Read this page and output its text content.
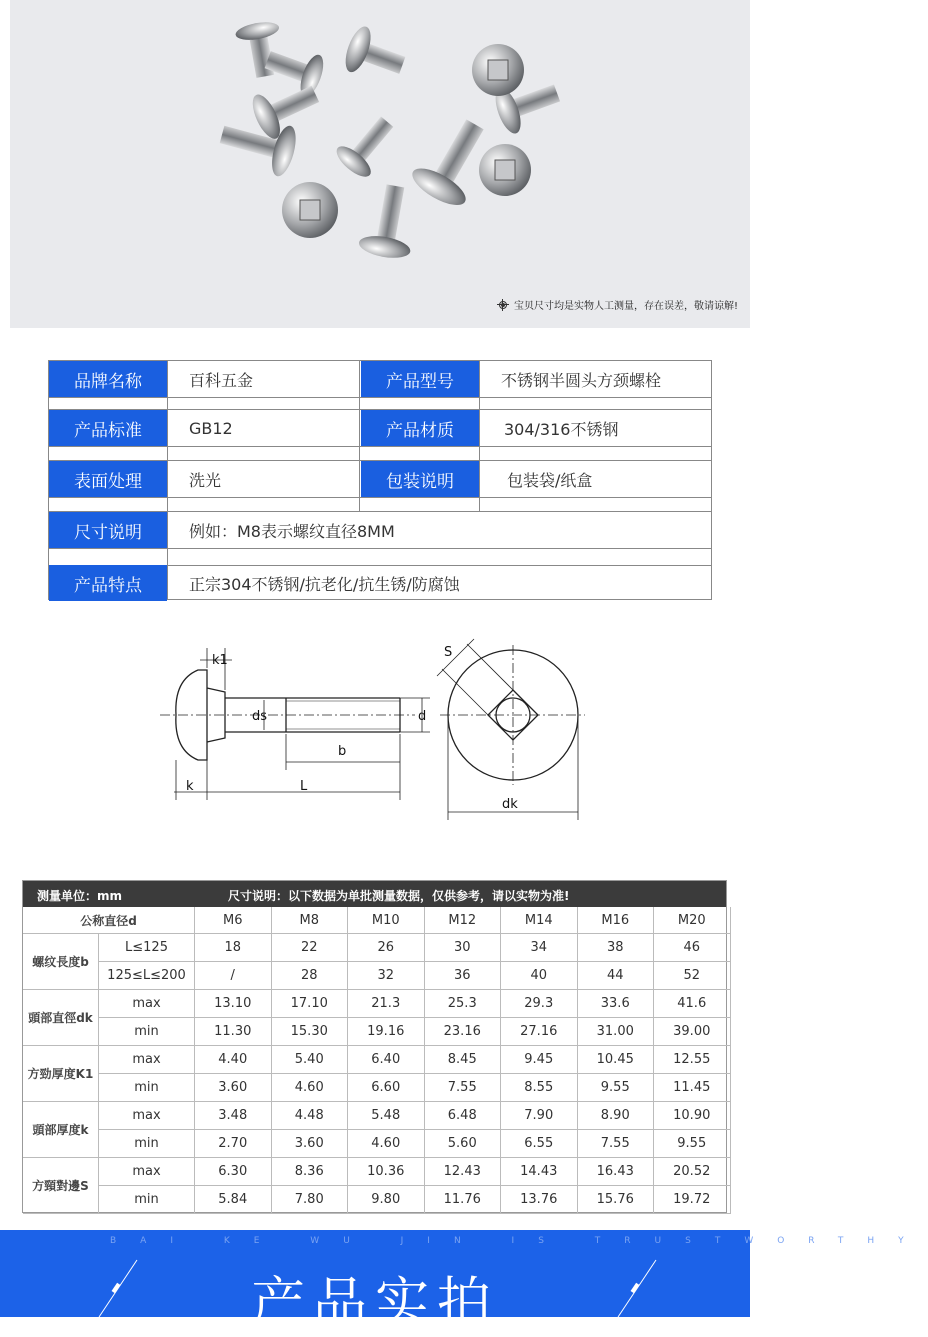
宝贝尺寸均是实物人工测量，存在误差，敬请谅解!
品牌名称	百科五金	产品型号	不锈钢半圆头方颈螺栓
产品标准	GB12	产品材质	304/316不锈钢
表面处理	洗光	包装说明	包装袋/纸盒
尺寸说明	例如：M8表示螺纹直径8MM
产品特点	正宗304不锈钢/抗老化/抗生锈/防腐蚀
k1
ds	d
b
k	L
S
dk
测量单位：mm	尺寸说明：以下数据为单批测量数据，仅供参考，请以实物为准!
公称直径d	M6	M8	M10	M12	M14	M16	M20
螺纹長度b
L≤125	18	22	26	30	34	38	46
125≤L≤200	/	28	32	36	40	44	52
頭部直徑dk
max	13.10	17.10	21.3	25.3	29.3	33.6	41.6
min	11.30	15.30	19.16	23.16	27.16	31.00	39.00
方勁厚度K1
max	4.40	5.40	6.40	8.45	9.45	10.45	12.55
min	3.60	4.60	6.60	7.55	8.55	9.55	11.45
頭部厚度k
max	3.48	4.48	5.48	6.48	7.90	8.90	10.90
min	2.70	3.60	4.60	5.60	6.55	7.55	9.55
方頸對邊S
max	6.30	8.36	10.36	12.43	14.43	16.43	20.52
min	5.84	7.80	9.80	11.76	13.76	15.76	19.72
BAI KE WU JIN IS TRUSTWORTHY
产品实拍
